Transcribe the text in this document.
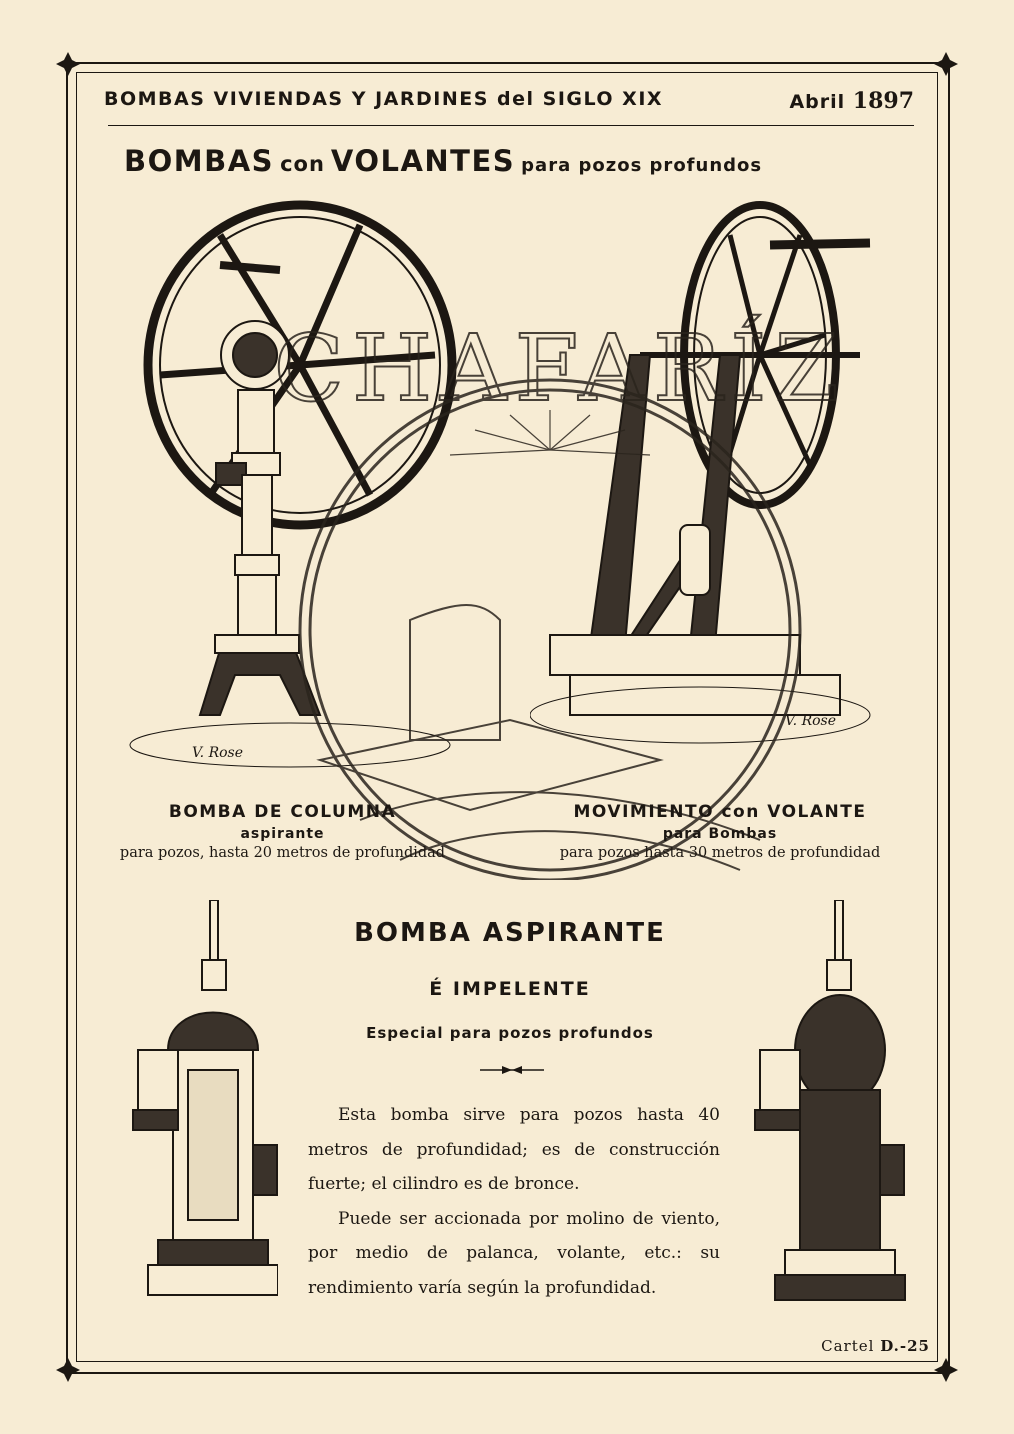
BOMBAS VIVIENDAS Y JARDINES del SIGLO XIX	Abril 1897
BOMBAS con VOLANTES para pozos profundos
V. Rose
V. Rose
CHAFARÍZ
BOMBA DE COLUMNA
aspirante
para pozos, hasta 20 metros de profundidad
MOVIMIENTO con VOLANTE
para Bombas
para pozos hasta 30 metros de profundidad
BOMBA ASPIRANTE
É IMPELENTE
Especial para pozos profundos

Esta bomba sirve para pozos hasta 40 metros de profundidad; es de construcción fuerte; el cilindro es de bronce.

Puede ser accionada por molino de viento, por medio de palanca, volante, etc.: su rendimiento varía según la profundidad.

Cartel D.-25
